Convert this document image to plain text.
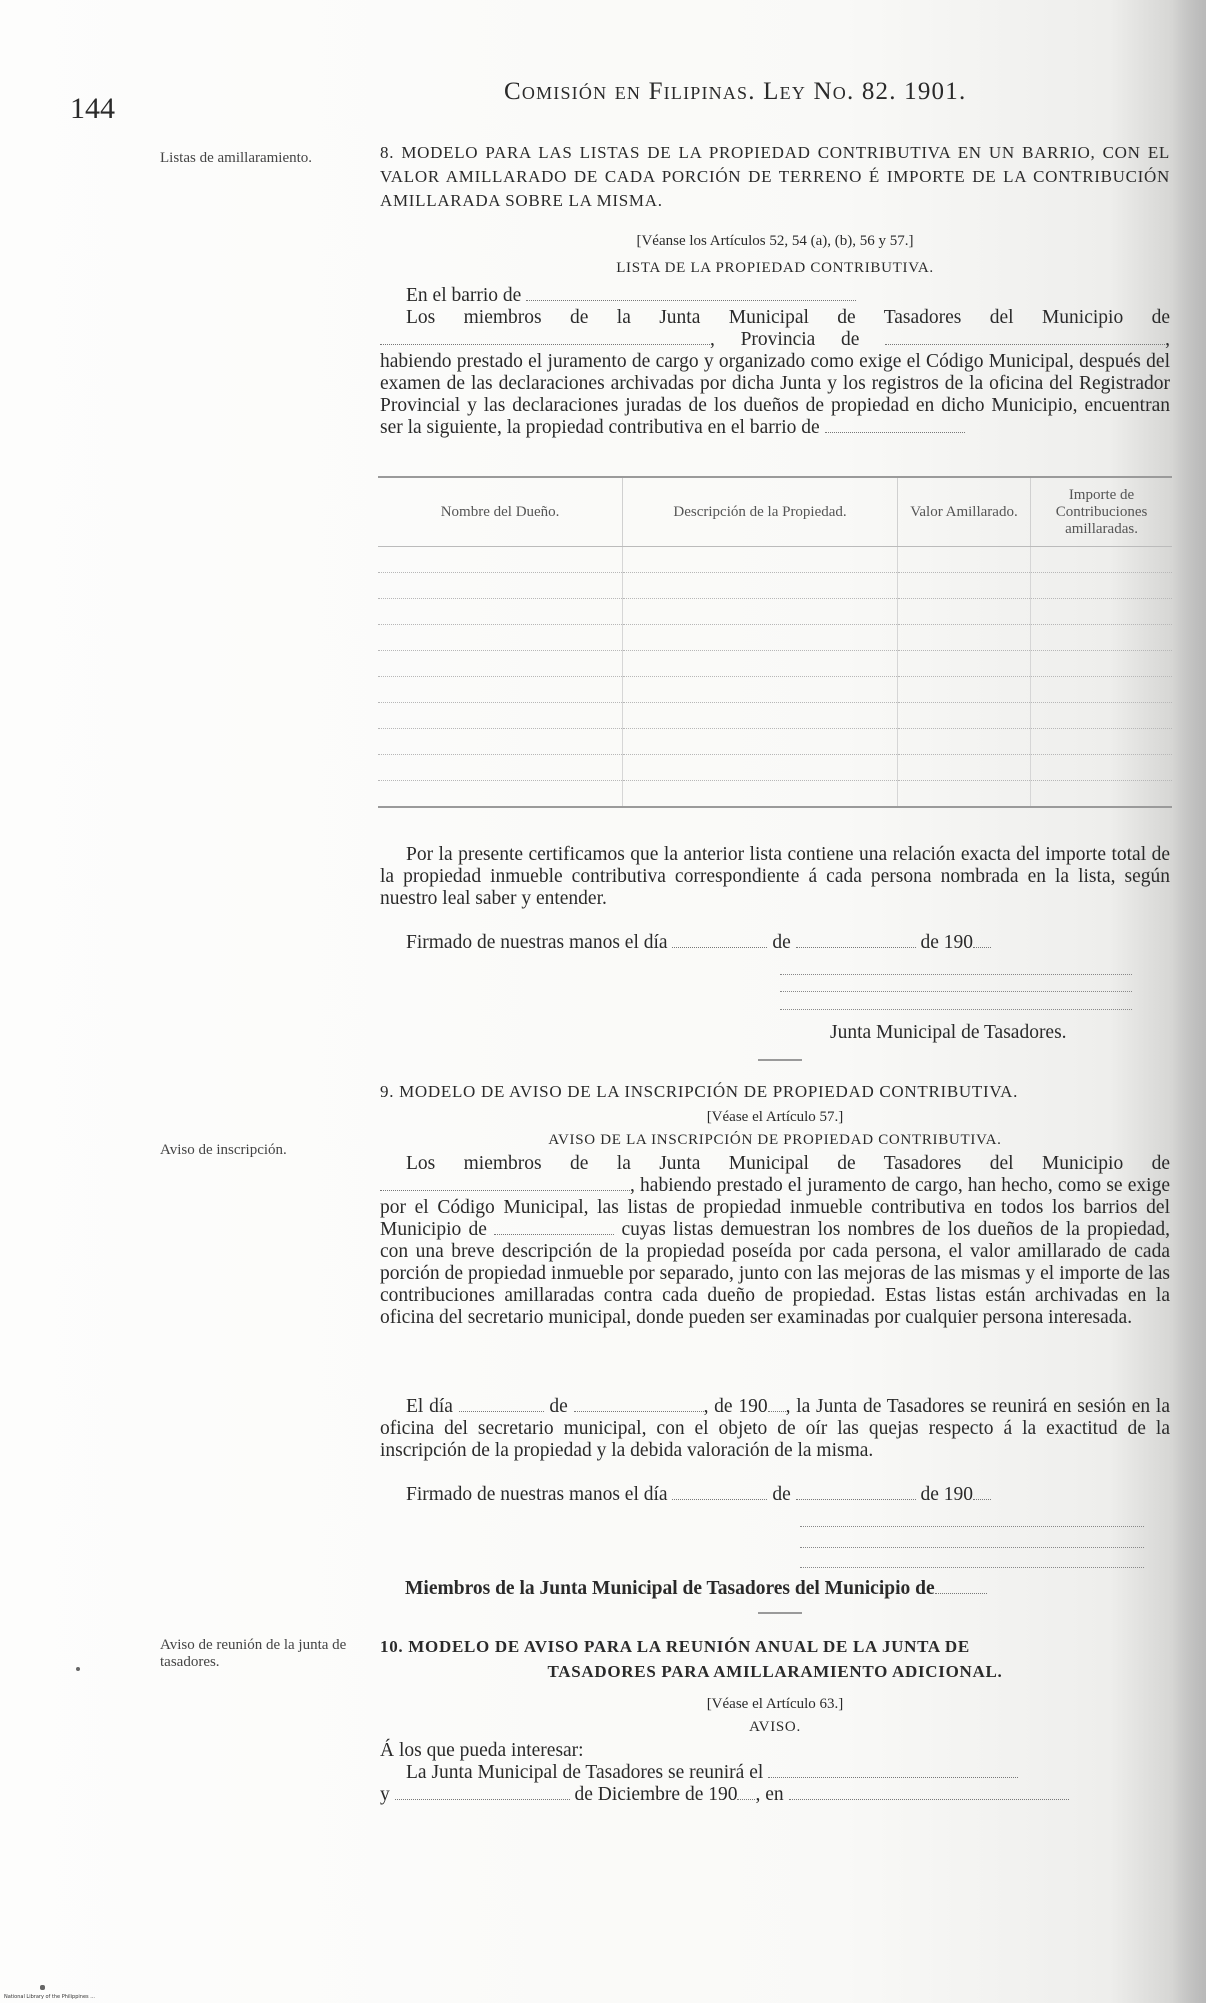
144
Comisión en Filipinas. Ley No. 82. 1901.
Listas de amillaramiento.
Aviso de inscripción.
Aviso de reunión de la junta de tasadores.
8. MODELO PARA LAS LISTAS DE LA PROPIEDAD CONTRIBUTIVA EN UN BARRIO, CON EL VALOR AMILLARADO DE CADA PORCIÓN DE TERRENO É IMPORTE DE LA CONTRIBUCIÓN AMILLARADA SOBRE LA MISMA.
[Véanse los Artículos 52, 54 (a), (b), 56 y 57.]
LISTA DE LA PROPIEDAD CONTRIBUTIVA.
En el barrio de
Los miembros de la Junta Municipal de Tasadores del Municipio de , Provincia de	, habiendo prestado el juramento de cargo y organizado como exige el Código Municipal, después del examen de las declaraciones archivadas por dicha Junta y los registros de la oficina del Registrador Provincial y las declaraciones juradas de los dueños de propiedad en dicho Municipio, encuentran ser la siguiente, la propiedad contributiva en el barrio de
Nombre del Dueño.	Descripción de la Propiedad.	Valor Amillarado.	Importe de Contribuciones amillaradas.

Por la presente certificamos que la anterior lista contiene una relación exacta del importe total de la propiedad inmueble contributiva correspondiente á cada persona nombrada en la lista, según nuestro leal saber y entender.
Firmado de nuestras manos el día	de	de 190
Junta Municipal de Tasadores.
9. MODELO DE AVISO DE LA INSCRIPCIÓN DE PROPIEDAD CONTRIBUTIVA.
[Véase el Artículo 57.]
AVISO DE LA INSCRIPCIÓN DE PROPIEDAD CONTRIBUTIVA.
Los miembros de la Junta Municipal de Tasadores del Municipio de , habiendo prestado el juramento de cargo, han hecho, como se exige por el Código Municipal, las listas de propiedad inmueble contributiva en todos los barrios del Municipio de	cuyas listas demuestran los nombres de los dueños de la propiedad, con una breve descripción de la propiedad poseída por cada persona, el valor amillarado de cada porción de propiedad inmueble por separado, junto con las mejoras de las mismas y el importe de las contribuciones amillaradas contra cada dueño de propiedad. Estas listas están archivadas en la oficina del secretario municipal, donde pueden ser examinadas por cualquier persona interesada.
El día	de	, de 190 , la Junta de Tasadores se reunirá en sesión en la oficina del secretario municipal, con el objeto de oír las quejas respecto á la exactitud de la inscripción de la propiedad y la debida valoración de la misma.
Firmado de nuestras manos el día	de	de 190
Miembros de la Junta Municipal de Tasadores del Municipio de
10. MODELO DE AVISO PARA LA REUNIÓN ANUAL DE LA JUNTA DE
TASADORES PARA AMILLARAMIENTO ADICIONAL.
[Véase el Artículo 63.]
AVISO.
Á los que pueda interesar:
La Junta Municipal de Tasadores se reunirá el
y	de Diciembre de 190 , en
National Library of the Philippines ...
